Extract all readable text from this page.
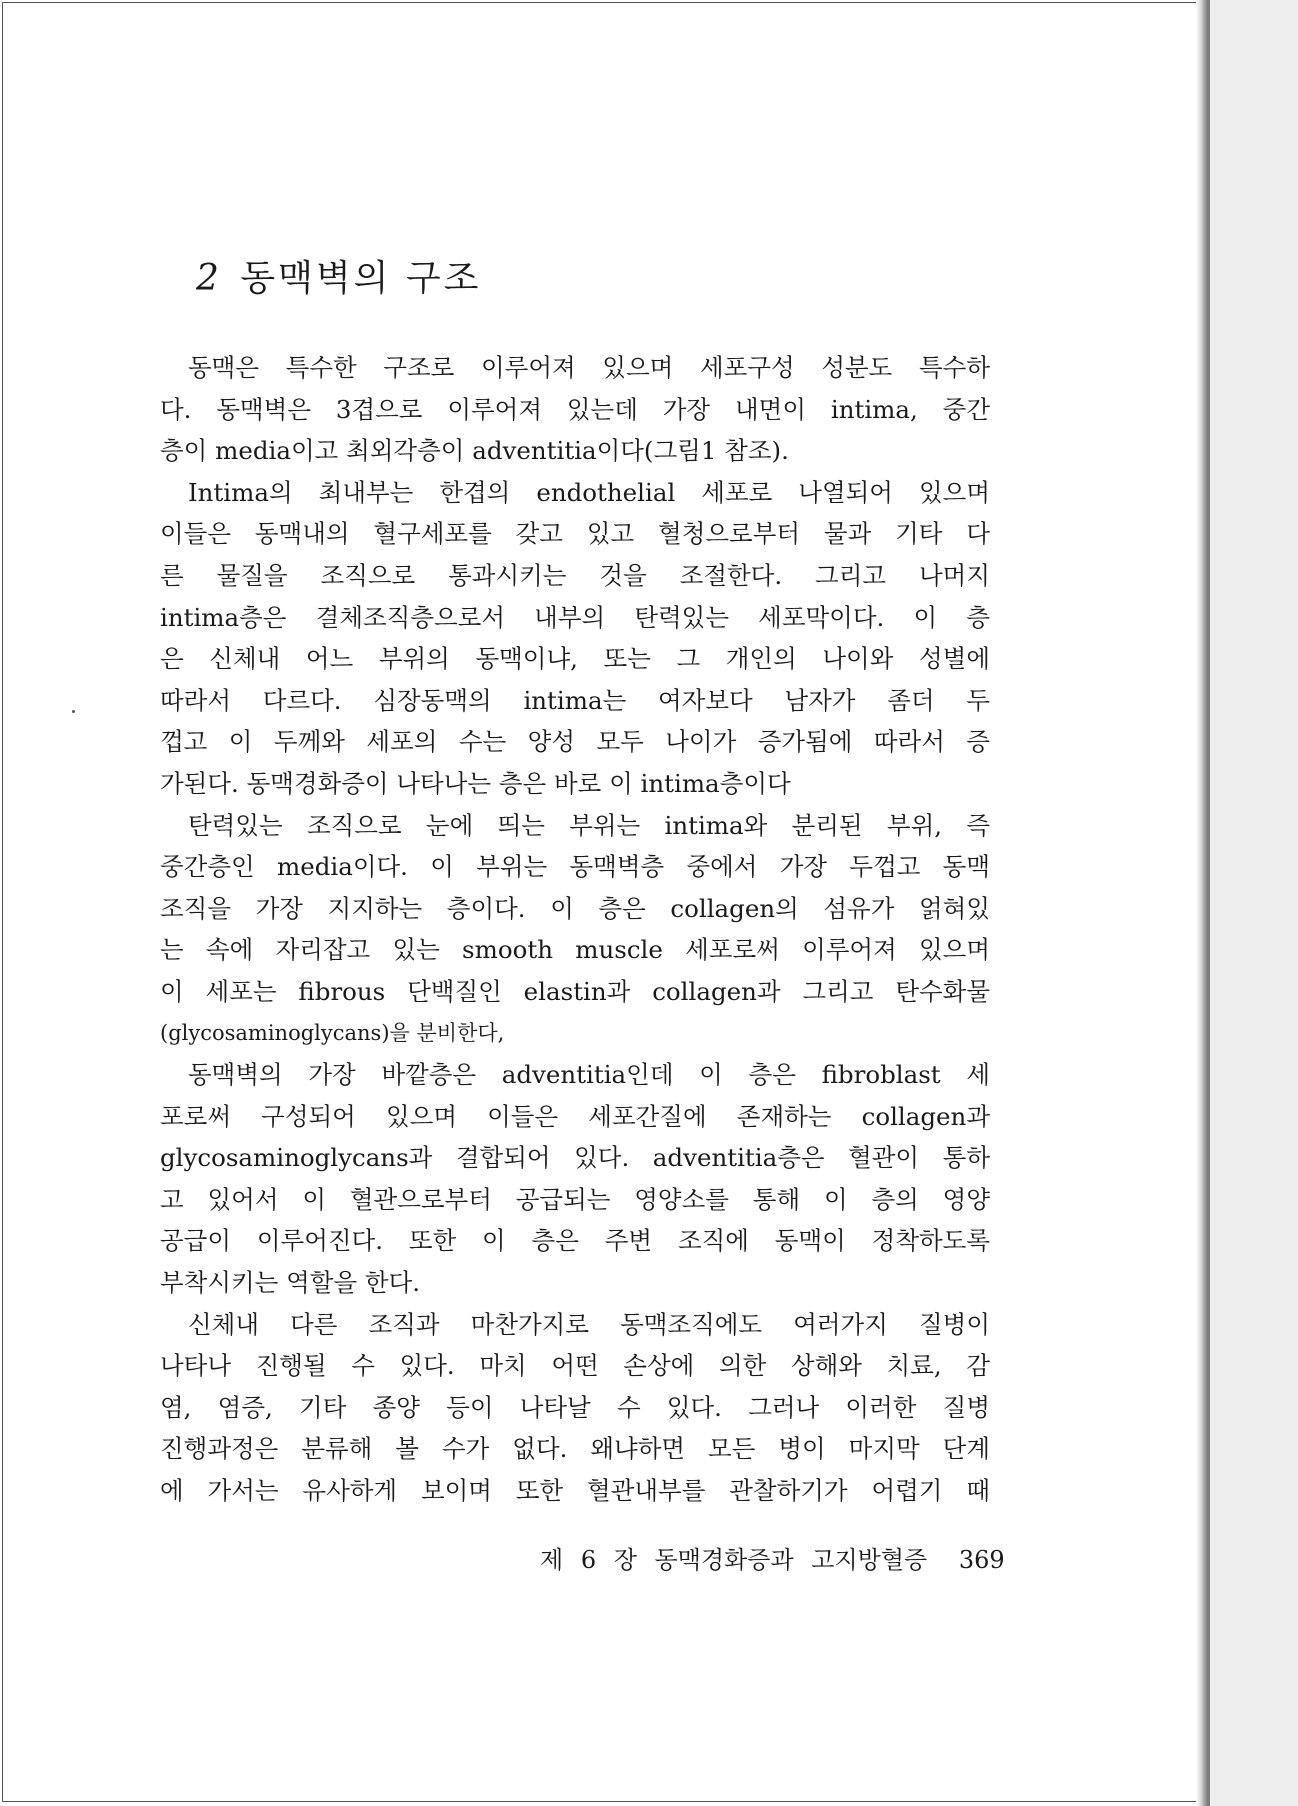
2 동맥벽의 구조
동맥은 특수한 구조로 이루어져 있으며 세포구성 성분도 특수하
다. 동맥벽은 3겹으로 이루어져 있는데 가장 내면이 intima, 중간
층이 media이고 최외각층이 adventitia이다(그림1 참조).
Intima의 최내부는 한겹의 endothelial 세포로 나열되어 있으며
이들은 동맥내의 혈구세포를 갖고 있고 혈청으로부터 물과 기타 다
른 물질을 조직으로 통과시키는 것을 조절한다. 그리고 나머지
intima층은 결체조직층으로서 내부의 탄력있는 세포막이다. 이 층
은 신체내 어느 부위의 동맥이냐, 또는 그 개인의 나이와 성별에
따라서 다르다. 심장동맥의 intima는 여자보다 남자가 좀더 두
껍고 이 두께와 세포의 수는 양성 모두 나이가 증가됨에 따라서 증
가된다. 동맥경화증이 나타나는 층은 바로 이 intima층이다
탄력있는 조직으로 눈에 띄는 부위는 intima와 분리된 부위, 즉
중간층인 media이다. 이 부위는 동맥벽층 중에서 가장 두껍고 동맥
조직을 가장 지지하는 층이다. 이 층은 collagen의 섬유가 얽혀있
는 속에 자리잡고 있는 smooth muscle 세포로써 이루어져 있으며
이 세포는 fibrous 단백질인 elastin과 collagen과 그리고 탄수화물
(glycosaminoglycans)을 분비한다,
동맥벽의 가장 바깥층은 adventitia인데 이 층은 fibroblast 세
포로써 구성되어 있으며 이들은 세포간질에 존재하는 collagen과
glycosaminoglycans과 결합되어 있다. adventitia층은 혈관이 통하
고 있어서 이 혈관으로부터 공급되는 영양소를 통해 이 층의 영양
공급이 이루어진다. 또한 이 층은 주변 조직에 동맥이 정착하도록
부착시키는 역할을 한다.
신체내 다른 조직과 마찬가지로 동맥조직에도 여러가지 질병이
나타나 진행될 수 있다. 마치 어떤 손상에 의한 상해와 치료, 감
염, 염증, 기타 종양 등이 나타날 수 있다. 그러나 이러한 질병
진행과정은 분류해 볼 수가 없다. 왜냐하면 모든 병이 마지막 단계
에 가서는 유사하게 보이며 또한 혈관내부를 관찰하기가 어렵기 때
제 6 장 동맥경화증과 고지방혈증 369
